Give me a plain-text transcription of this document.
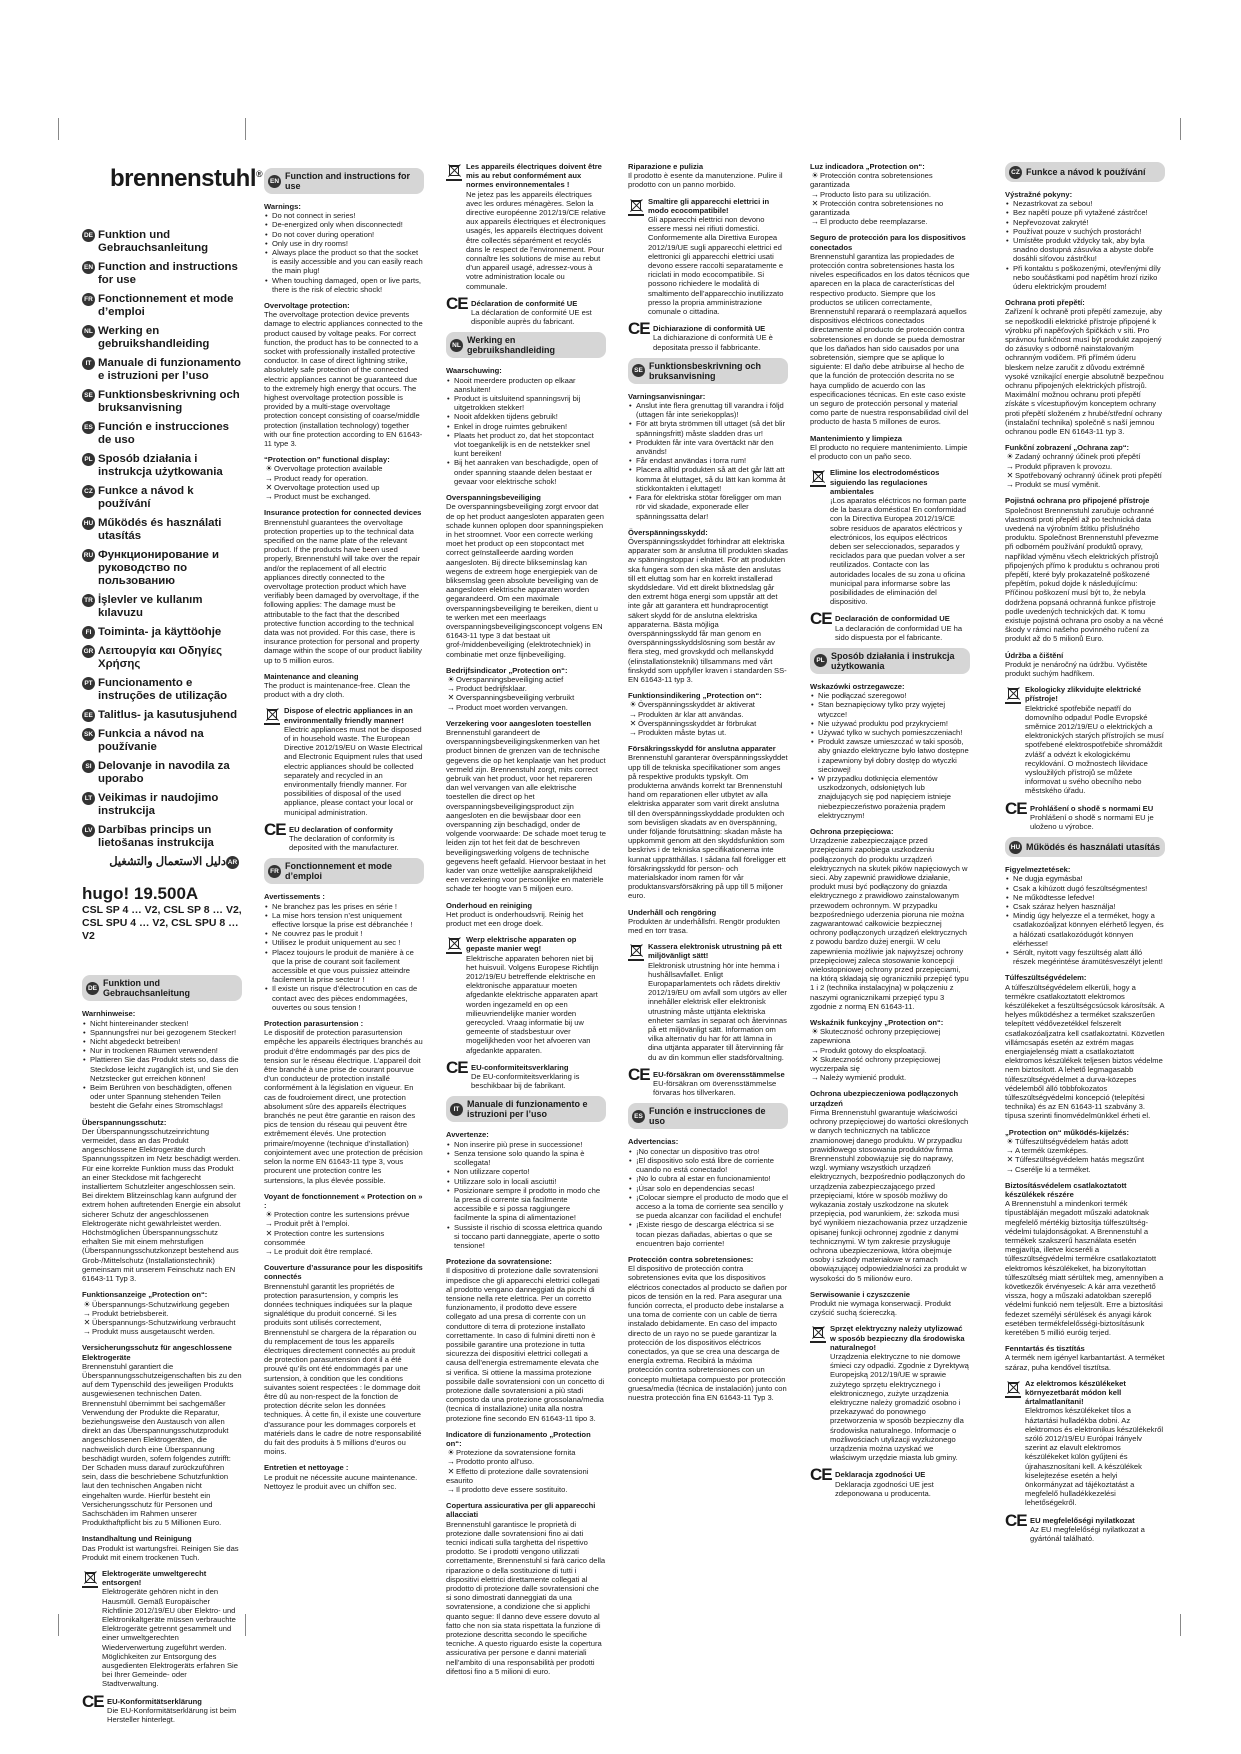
brennenstuhl®
DE Funktion und Gebrauchsanleitung
EN Function and instructions for use
FR Fonctionnement et mode d’emploi
NL Werking en gebruikshandleiding
IT Manuale di funzionamento e istruzioni per l’uso
SE Funktionsbeskrivning och bruksanvisning
ES Función e instrucciones de uso
PL Sposób działania i instrukcja użytkowania
CZ Funkce a návod k používání
HU Működés és használati utasítás
RU Функционирование и руководство по пользованию
TR İşlevler ve kullanım kılavuzu
FI Toiminta- ja käyttöohje
GR Λειτουργία και Οδηγίες Χρήσης
PT Funcionamento e instruções de utilização
EE Talitlus- ja kasutusjuhend
SK Funkcia a návod na používanie
SI Delovanje in navodila za uporabo
LT Veikimas ir naudojimo instrukcija
LV Darbības princips un lietošanas instrukcija
AR
دليل الاستعمال والتشغيل
hugo! 19.500A
CSL SP 4 … V2, CSL SP 8 … V2,
CSL SPU 4 … V2, CSL SPU 8 … V2
DE Funktion und Gebrauchsanleitung
Warnhinweise:
• Nicht hintereinander stecken!
• Spannungsfrei nur bei gezogenem Stecker!
• Nicht abgedeckt betreiben!
• Nur in trockenen Räumen verwenden!
• Plattieren Sie das Produkt stets so, dass die Steckdose leicht zugänglich ist, und Sie den Netzstecker gut erreichen können!
• Beim Berühren von beschädigten, offenen oder unter Spannung stehenden Teilen besteht die Gefahr eines Stromschlags!
Überspannungsschutz:

Der Überspannungsschutzeinrichtung vermeidet, dass an das Produkt angeschlossene Elektrogeräte durch Spannungsspitzen im Netz beschädigt werden. Für eine korrekte Funktion muss das Produkt an einer Steckdose mit fachgerecht installiertem Schutzleiter angeschlossen sein. Bei direktem Blitzeinschlag kann aufgrund der extrem hohen auftretenden Energie ein absolut sicherer Schutz der angeschlossenen Elektrogeräte nicht gewährleistet werden. Höchstmöglichen Überspannungsschutz erhalten Sie mit einem mehrstufigen (Überspannungsschutzkonzept bestehend aus Grob-/Mittelschutz (Installationstechnik) gemeinsam mit unserem Feinschutz nach EN 61643-11 Typ 3.

Funktionsanzeige „Protection on“:
☀Überspannungs-Schutzwirkung gegeben
→Produkt betriebsbereit.
✕ Überspannungs-Schutzwirkung verbraucht
→Produkt muss ausgetauscht werden.
Versicherungsschutz für angeschlossene Elektrogeräte

Brennenstuhl garantiert die Überspannungsschutzeigenschaften bis zu den auf dem Typenschild des jeweiligen Produkts ausgewiesenen technischen Daten. Brennenstuhl übernimmt bei sachgemäßer Verwendung der Produkte die Reparatur, beziehungsweise den Austausch von allen direkt an das Überspannungsschutzprodukt angeschlossenen Elektrogeräten, die nachweislich durch eine Überspannung beschädigt wurden, sofern folgendes zutrifft: Der Schaden muss darauf zurückzuführen sein, dass die beschriebene Schutzfunktion laut den technischen Angaben nicht eingehalten wurde. Hierfür besteht ein Versicherungsschutz für Personen und Sachschäden im Rahmen unserer Produkthaftpflicht bis zu 5 Millionen Euro.

Instandhaltung und Reinigung

Das Produkt ist wartungsfrei. Reinigen Sie das Produkt mit einem trockenen Tuch.

Elektrogeräte umweltgerecht entsorgen!

Elektrogeräte gehören nicht in den Hausmüll. Gemäß Europäischer Richtlinie 2012/19/EU über Elektro- und Elektronikaltgeräte müssen verbrauchte Elektrogeräte getrennt gesammelt und einer umweltgerechten Wiederverwertung zugeführt werden. Möglichkeiten zur Entsorgung des ausgedienten Elektrogeräts erfahren Sie bei Ihrer Gemeinde- oder Stadtverwaltung.

CE EU-Konformitätserklärung
Die EU-Konformitätserklärung ist beim Hersteller hinterlegt.
EN Function and instructions for use
Warnings:
• Do not connect in series!
• De-energized only when disconnected!
• Do not cover during operation!
• Only use in dry rooms!
• Always place the product so that the socket is easily accessible and you can easily reach the main plug!
• When touching damaged, open or live parts, there is the risk of electric shock!
Overvoltage protection:

The overvoltage protection device prevents damage to electric appliances connected to the product caused by voltage peaks. For correct function, the product has to be connected to a socket with professionally installed protective conductor. In case of direct lightning strike, absolutely safe protection of the connected electric appliances cannot be guaranteed due to the extremely high energy that occurs. The highest overvoltage protection possible is provided by a multi-stage overvoltage protection concept consisting of coarse/middle protection (installation technology) together with our fine protection according to EN 61643-11 type 3.

“Protection on” functional display:
☀Overvoltage protection available
→Product ready for operation.
✕ Overvoltage protection used up
→Product must be exchanged.
Insurance protection for connected devices

Brennenstuhl guarantees the overvoltage protection properties up to the technical data specified on the name plate of the relevant product. If the products have been used properly, Brennenstuhl will take over the repair and/or the replacement of all electric appliances directly connected to the overvoltage protection product which have verifiably been damaged by overvoltage, if the following applies: The damage must be attributable to the fact that the described protective function according to the technical data was not provided. For this case, there is insurance protection for personal and property damage within the scope of our product liability up to 5 million euros.

Maintenance and cleaning

The product is maintenance-free. Clean the product with a dry cloth.

Dispose of electric appliances in an environmentally friendly manner!

Electric appliances must not be disposed of in household waste. The European Directive 2012/19/EU on Waste Electrical and Electronic Equipment rules that used electric appliances should be collected separately and recycled in an environmentally friendly manner. For possibilities of disposal of the used appliance, please contact your local or municipal administration.

CE EU declaration of conformity
The declaration of conformity is deposited with the manufacturer.
FR Fonctionnement et mode d’emploi
Avertissements :
• Ne branchez pas les prises en série !
• La mise hors tension n’est uniquement effective lorsque la prise est débranchée !
• Ne couvrez pas le produit !
• Utilisez le produit uniquement au sec !
• Placez toujours le produit de manière à ce que la prise de courant soit facilement accessible et que vous puissiez atteindre facilement la prise secteur !
• Il existe un risque d’électrocution en cas de contact avec des pièces endommagées, ouvertes ou sous tension !
Protection parasurtension :

Le dispositif de protection parasurtension empêche les appareils électriques branchés au produit d’être endommagés par des pics de tension sur le réseau électrique. L’appareil doit être branché à une prise de courant pourvue d’un conducteur de protection installé conformément à la législation en vigueur. En cas de foudroiement direct, une protection absolument sûre des appareils électriques branchés ne peut être garantie en raison des pics de tension du réseau qui peuvent être extrêmement élevés. Une protection primaire/moyenne (technique d’installation) conjointement avec une protection de précision selon la norme EN 61643-11 type 3, vous procurent une protection contre les surtensions, la plus élevée possible.

Voyant de fonctionnement « Protection on » :
☀Protection contre les surtensions prévue
→Produit prêt à l’emploi.
✕ Protection contre les surtensions consommée
→Le produit doit être remplacé.
Couverture d’assurance pour les dispositifs connectés

Brennenstuhl garantit les propriétés de protection parasurtension, y compris les données techniques indiquées sur la plaque signalétique du produit concerné. Si les produits sont utilisés correctement, Brennenstuhl se chargera de la réparation ou du remplacement de tous les appareils électriques directement connectés au produit de protection parasurtension dont il a été prouvé qu’ils ont été endommagés par une surtension, à condition que les conditions suivantes soient respectées : le dommage doit être dû au non-respect de la fonction de protection décrite selon les données techniques. À cette fin, il existe une couverture d’assurance pour les dommages corporels et matériels dans le cadre de notre responsabilité du fait des produits à 5 millions d’euros ou moins.

Entretien et nettoyage :

Le produit ne nécessite aucune maintenance. Nettoyez le produit avec un chiffon sec.

Les appareils électriques doivent être mis au rebut conformément aux normes environnementales !

Ne jetez pas les appareils électriques avec les ordures ménagères. Selon la directive européenne 2012/19/CE relative aux appareils électriques et électroniques usagés, les appareils électriques doivent être collectés séparément et recyclés dans le respect de l’environnement. Pour connaître les solutions de mise au rebut d’un appareil usagé, adressez-vous à votre administration locale ou communale.

CE Déclaration de conformité UE
La déclaration de conformité UE est disponible auprès du fabricant.
NL Werking en gebruikshandleiding
Waarschuwing:
• Nooit meerdere producten op elkaar aansluiten!
• Product is uitsluitend spanningsvrij bij uitgetrokken stekker!
• Nooit afdekken tijdens gebruik!
• Enkel in droge ruimtes gebruiken!
• Plaats het product zo, dat het stopcontact vlot toegankelijk is en de netstekker snel kunt bereiken!
• Bij het aanraken van beschadigde, open of onder spanning staande delen bestaat er gevaar voor elektrische schok!
Overspanningsbeveiliging

De overspanningsbeveiliging zorgt ervoor dat de op het product aangesloten apparaten geen schade kunnen oplopen door spanningspieken in het stroomnet. Voor een correcte werking moet het product op een stopcontact met correct geïnstalleerde aarding worden aangesloten. Bij directe blikseminslag kan wegens de extreem hoge energiepiek van de bliksemslag geen absolute beveiliging van de aangesloten elektrische apparaten worden gegarandeerd. Om een maximale overspanningsbeveiliging te bereiken, dient u te werken met een meerlaags overspanningsbeveiligingsconcept volgens EN 61643-11 type 3 dat bestaat uit grof-/middenbeveiliging (elektrotechniek) in combinatie met onze fijnbeveiliging.

Bedrijfsindicator „Protection on“:
☀Overspanningsbeveiliging actief
→Product bedrijfsklaar.
✕ Overspanningsbeveiliging verbruikt
→Product moet worden vervangen.
Verzekering voor aangesloten toestellen

Brennenstuhl garandeert de overspanningsbeveiligingskenmerken van het product binnen de grenzen van de technische gegevens die op het kenplaatje van het product vermeld zijn. Brennenstuhl zorgt, mits correct gebruik van het product, voor het repareren dan wel vervangen van alle elektrische toestellen die direct op het overspanningsbeveiligingsproduct zijn aangesloten en die bewijsbaar door een overspanning zijn beschadigd, onder de volgende voorwaarde: De schade moet terug te leiden zijn tot het feit dat de beschreven beveiligingswerking volgens de technische gegevens heeft gefaald. Hiervoor bestaat in het kader van onze wettelijke aansprakelijkheid een verzekering voor persoonlijke en materiële schade ter hoogte van 5 miljoen euro.

Onderhoud en reiniging

Het product is onderhoudsvrij. Reinig het product met een droge doek.

Werp elektrische apparaten op gepaste manier weg!

Elektrische apparaten behoren niet bij het huisvuil. Volgens Europese Richtlijn 2012/19/EU betreffende elektrische en elektronische apparatuur moeten afgedankte elektrische apparaten apart worden ingezameld en op een milieuvriendelijke manier worden gerecycled. Vraag informatie bij uw gemeente of stadsbestuur over mogelijkheden voor het afvoeren van afgedankte apparaten.

CE EU-conformiteitsverklaring
De EU-conformiteitsverklaring is beschikbaar bij de fabrikant.
IT Manuale di funzionamento e istruzioni per l’uso
Avvertenze:
• Non inserire più prese in successione!
• Senza tensione solo quando la spina è scollegata!
• Non utilizzare coperto!
• Utilizzare solo in locali asciutti!
• Posizionare sempre il prodotto in modo che la presa di corrente sia facilmente accessibile e si possa raggiungere facilmente la spina di alimentazione!
• Sussiste il rischio di scossa elettrica quando si toccano parti danneggiate, aperte o sotto tensione!
Protezione da sovratensione:

Il dispositivo di protezione dalle sovratensioni impedisce che gli apparecchi elettrici collegati al prodotto vengano danneggiati da picchi di tensione nella rete elettrica. Per un corretto funzionamento, il prodotto deve essere collegato ad una presa di corrente con un conduttore di terra di protezione installato correttamente. In caso di fulmini diretti non è possibile garantire una protezione in tutta sicurezza dei dispositivi elettrici collegati a causa dell’energia estremamente elevata che si verifica. Si ottiene la massima protezione possibile dalle sovratensioni con un concetto di protezione dalle sovratensioni a più stadi composto da una protezione grossolana/media (tecnica di installazione) unita alla nostra protezione fine secondo EN 61643-11 tipo 3.

Indicatore di funzionamento „Protection on“:
☀Protezione da sovratensione fornita
→Prodotto pronto all’uso.
✕ Effetto di protezione dalle sovratensioni esaurito
→Il prodotto deve essere sostituito.
Copertura assicurativa per gli apparecchi allacciati

Brennenstuhl garantisce le proprietà di protezione dalle sovratensioni fino ai dati tecnici indicati sulla targhetta del rispettivo prodotto. Se i prodotti vengono utilizzati correttamente, Brennenstuhl si farà carico della riparazione o della sostituzione di tutti i dispositivi elettrici direttamente collegati al prodotto di protezione dalle sovratensioni che si sono dimostrati danneggiati da una sovratensione, a condizione che si applichi quanto segue: Il danno deve essere dovuto al fatto che non sia stata rispettata la funzione di protezione descritta secondo le specifiche tecniche. A questo riguardo esiste la copertura assicurativa per persone e danni materiali nell’ambito di una responsabilità per prodotti difettosi fino a 5 milioni di euro.

Riparazione e pulizia

Il prodotto è esente da manutenzione. Pulire il prodotto con un panno morbido.

Smaltire gli apparecchi elettrici in modo ecocompatibile!

Gli apparecchi elettrici non devono essere messi nei rifiuti domestici. Conformemente alla Direttiva Europea 2012/19/UE sugli apparecchi elettrici ed elettronici gli apparecchi elettrici usati devono essere raccolti separatamente e riciclati in modo ecocompatibile. Si possono richiedere le modalità di smaltimento dell’apparecchio inutilizzato presso la propria amministrazione comunale o cittadina.

CE Dichiarazione di conformità UE
La dichiarazione di conformità UE è depositata presso il fabbricante.
SE Funktionsbeskrivning och bruksanvisning
Varningsanvisningar:
• Anslut inte flera grenuttag till varandra i följd (uttagen får inte seriekopplas)!
• För att bryta strömmen till uttaget (så det blir spänningsfritt) måste sladden dras ur!
• Produkten får inte vara övertäckt när den används!
• Får endast användas i torra rum!
• Placera alltid produkten så att det går lätt att komma åt eluttaget, så du lätt kan komma åt stickkontakten i eluttaget!
• Fara för elektriska stötar föreligger om man rör vid skadade, exponerade eller spänningssatta delar!
Överspänningsskydd:

Överspänningsskyddet förhindrar att elektriska apparater som är anslutna till produkten skadas av spänningstoppar i elnätet. För att produkten ska fungera som den ska måste den anslutas till ett eluttag som har en korrekt installerad skyddsledare. Vid ett direkt blixtnedslag går den extremt höga energi som uppstår att det inte går att garantera ett hundraprocentigt säkert skydd för de anslutna elektriska apparaterna. Bästa möjliga överspänningsskydd får man genom en överspänningsskyddslösning som består av flera steg, med grovskydd och mellanskydd (elinstallationsteknik) tillsammans med vårt finskydd som uppfyller kraven i standarden SS-EN 61643-11 typ 3.

Funktionsindikering „Protection on“:
☀Överspänningsskyddet är aktiverat
→Produkten är klar att användas.
✕ Överspänningsskyddet är förbrukat
→Produkten måste bytas ut.
Försäkringsskydd för anslutna apparater

Brennenstuhl garanterar överspänningsskyddet upp till de tekniska specifikationer som anges på respektive produkts typskylt. Om produkterna används korrekt tar Brennenstuhl hand om reparationen eller utbytet av alla elektriska apparater som varit direkt anslutna till den överspänningsskyddade produkten och som bevisligen skadats av en överspänning, under följande förutsättning: skadan måste ha uppkommit genom att den skyddsfunktion som beskrivs i de tekniska specifikationerna inte kunnat upprätthållas. I sådana fall föreligger ett försäkringsskydd för person- och materialskador inom ramen för vår produktansvarsförsäkring på upp till 5 miljoner euro.

Underhåll och rengöring

Produkten är underhållsfri. Rengör produkten med en torr trasa.

Kassera elektronisk utrustning på ett miljövänligt sätt!

Elektronisk utrustning hör inte hemma i hushållsavfallet. Enligt Europaparlamentets och rådets direktiv 2012/19/EU om avfall som utgörs av eller innehåller elektrisk eller elektronisk utrustning måste uttjänta elektriska enheter samlas in separat och återvinnas på ett miljövänligt sätt. Information om vilka alternativ du har för att lämna in dina uttjänta apparater till återvinning får du av din kommun eller stadsförvaltning.

CE EU-försäkran om överensstämmelse
EU-försäkran om överensstämmelse förvaras hos tillverkaren.
ES Función e instrucciones de uso
Advertencias:
• ¡No conectar un dispositivo tras otro!
• ¡El dispositivo solo está libre de corriente cuando no está conectado!
• ¡No lo cubra al estar en funcionamiento!
• ¡Úsar solo en dependencias secas!
• ¡Colocar siempre el producto de modo que el acceso a la toma de corriente sea sencillo y se pueda alcanzar con facilidad el enchufe!
• ¡Existe riesgo de descarga eléctrica si se tocan piezas dañadas, abiertas o que se encuentren bajo corriente!
Protección contra sobretensiones:

El dispositivo de protección contra sobretensiones evita que los dispositivos eléctricos conectados al producto se dañen por picos de tensión en la red. Para asegurar una función correcta, el producto debe instalarse a una toma de corriente con un cable de tierra instalado debidamente. En caso del impacto directo de un rayo no se puede garantizar la protección de los dispositivos eléctricos conectados, ya que se crea una descarga de energía extrema. Recibirá la máxima protección contra sobretensiones con un concepto multietapa compuesto por protección gruesa/media (técnica de instalación) junto con nuestra protección fina EN 61643-11 Typ 3.

Luz indicadora „Protection on“:
☀Protección contra sobretensiones garantizada
→Producto listo para su utilización.
✕ Protección contra sobretensiones no garantizada
→El producto debe reemplazarse.
Seguro de protección para los dispositivos conectados

Brennenstuhl garantiza las propiedades de protección contra sobretensiones hasta los niveles especificados en los datos técnicos que aparecen en la placa de características del respectivo producto. Siempre que los productos se utilicen correctamente, Brennenstuhl reparará o reemplazará aquellos dispositivos eléctricos conectados directamente al producto de protección contra sobretensiones en donde se pueda demostrar que los dañados han sido causados por una sobretensión, siempre que se aplique lo siguiente: El daño debe atribuirse al hecho de que la función de protección descrita no se haya cumplido de acuerdo con las especificaciones técnicas. En este caso existe un seguro de protección personal y material como parte de nuestra responsabilidad civil del producto de hasta 5 millones de euros.

Mantenimiento y limpieza

El producto no requiere mantenimiento. Limpie el producto con un paño seco.

Elimine los electrodomésticos siguiendo las regulaciones ambientales

¡Los aparatos eléctricos no forman parte de la basura doméstica! En conformidad con la Directiva Europea 2012/19/CE sobre residuos de aparatos eléctricos y electrónicos, los equipos eléctricos deben ser seleccionados, separados y reciclados para que puedan volver a ser reutilizados. Contacte con las autoridades locales de su zona u oficina municipal para informarse sobre las posibilidades de eliminación del dispositivo.

CE Declaración de conformidad UE
La declaración de conformidad UE ha sido dispuesta por el fabricante.
PL Sposób działania i instrukcja użytkowania
Wskazówki ostrzegawcze:
• Nie podłączać szeregowo!
• Stan beznapięciowy tylko przy wyjętej wtyczce!
• Nie używać produktu pod przykryciem!
• Używać tylko w suchych pomieszczeniach!
• Produkt zawsze umieszczać w taki sposób, aby gniazdo elektryczne było łatwo dostępne i zapewniony był dobry dostęp do wtyczki sieciowej!
• W przypadku dotknięcia elementów uszkodzonych, odsłoniętych lub znajdujących się pod napięciem istnieje niebezpieczeństwo porażenia prądem elektrycznym!
Ochrona przepięciowa:

Urządzenie zabezpieczające przed przepięciami zapobiega uszkodzeniu podłączonych do produktu urządzeń elektrycznych na skutek pików napięciowych w sieci. Aby zapewnić prawidłowe działanie, produkt musi być podłączony do gniazda elektrycznego z prawidłowo zainstalowanym przewodem ochronnym. W przypadku bezpośredniego uderzenia pioruna nie można zagwarantować całkowicie bezpiecznej ochrony podłączonych urządzeń elektrycznych z powodu bardzo dużej energii. W celu zapewnienia możliwie jak najwyższej ochrony przepięciowej zaleca stosowanie koncepcji wielostopniowej ochrony przed przepięciami, na którą składają się ograniczniki przepięć typu 1 i 2 (technika instalacyjna) w połączeniu z naszymi ogranicznikami przepięć typu 3 zgodnie z normą EN 61643-11.

Wskaźnik funkcyjny „Protection on“:
☀Skuteczność ochrony przepięciowej zapewniona
→Produkt gotowy do eksploatacji.
✕ Skuteczność ochrony przepięciowej wyczerpała się
→Należy wymienić produkt.
Ochrona ubezpieczeniowa podłączonych urządzeń

Firma Brennenstuhl gwarantuje właściwości ochrony przepięciowej do wartości określonych w danych technicznych na tabliczce znamionowej danego produktu. W przypadku prawidłowego stosowania produktów firma Brennenstuhl zobowiązuje się do naprawy, wzgl. wymiany wszystkich urządzeń elektrycznych, bezpośrednio podłączonych do urządzenia zabezpieczającego przed przepięciami, które w sposób możliwy do wykazania zostały uszkodzone na skutek przepięcia, pod warunkiem, że: szkoda musi być wynikiem niezachowania przez urządzenie opisanej funkcji ochronnej zgodnie z danymi technicznymi. W tym zakresie przysługuje ochrona ubezpieczeniowa, która obejmuje osoby i szkody materiałowe w ramach obowiązującej odpowiedzialności za produkt w wysokości do 5 milionów euro.

Serwisowanie i czyszczenie

Produkt nie wymaga konserwacji. Produkt czyścić suchą ściereczką.

Sprzęt elektryczny należy utylizować w sposób bezpieczny dla środowiska naturalnego!

Urządzenia elektryczne to nie domowe śmieci czy odpadki. Zgodnie z Dyrektywą Europejską 2012/19/UE w sprawie zużytego sprzętu elektrycznego i elektronicznego, zużyte urządzenia elektryczne należy gromadzić osobno i przekazywać do ponownego przetworzenia w sposób bezpieczny dla środowiska naturalnego. Informacje o możliwościach utylizacji wyzłużonego urządzenia można uzyskać we właściwym urzędzie miasta lub gminy.

CE Deklaracja zgodności UE
Deklaracja zgodności UE jest zdeponowana u producenta.
CZ Funkce a návod k používání
Výstražné pokyny:
• Nezastrkovat za sebou!
• Bez napětí pouze při vytažené zástrčce!
• Nepřevozovat zakryté!
• Používat pouze v suchých prostorách!
• Umístěte produkt vždycky tak, aby byla snadno dostupná zásuvka a abyste dobře dosáhli síťovou zástrčku!
• Při kontaktu s poškozenými, otevřenými díly nebo součástkami pod napětím hrozí riziko úderu elektrickým proudem!
Ochrana proti přepětí:

Zařízení k ochraně proti přepětí zamezuje, aby se nepoškodili elektrické přístroje připojené k výrobku při napěťových špičkách v síti. Pro správnou funkčnost musí být produkt zapojený do zásuvky s odborně nainstalovaným ochranným vodičem. Při přímém úderu bleskem nelze zaručit z důvodu extrémně vysoké vznikající energie absolutně bezpečnou ochranu připojených elektrických přístrojů. Maximální možnou ochranu proti přepětí získáte s vícestupňovým konceptem ochrany proti přepětí složeném z hrubé/střední ochrany (instalační technika) společně s naší jemnou ochranou podle EN 61643-11 typ 3.

Funkční zobrazení „Ochrana zap“:
☀Zadaný ochranný účinek proti přepětí
→Produkt připraven k provozu.
✕ Spotřebovaný ochranný účinek proti přepětí
→Produkt se musí vyměnit.
Pojistná ochrana pro připojené přístroje

Společnost Brennenstuhl zaručuje ochranné vlastnosti proti přepětí až po technická data uvedená na výrobním štítku příslušného produktu. Společnost Brennenstuhl převezme při odborném používání produktů opravy, například výměnu všech elektrických přístrojů připojených přímo k produktu s ochranou proti přepětí, které byly prokazatelně poškozené přepětím, pokud dojde k následujícímu: Příčinou poškození musí být to, že nebyla dodržena popsaná ochranná funkce přístroje podle uvedených technických dat. K tomu existuje pojistná ochrana pro osoby a na věcné škody v rámci našeho povinného ručení za produkt až do 5 milionů Euro.

Údržba a čištění

Produkt je nenáročný na údržbu. Vyčistěte produkt suchým hadříkem.

Ekologicky zlikvidujte elektrické přístroje!

Elektrické spotřebiče nepatří do domovního odpadu! Podle Evropské směrnice 2012/19/EU o elektrických a elektronických starých přístrojích se musí spotřebené elektrospotřebiče shromáždit zvlášť a odvézt k ekologickému recyklování. O možnostech likvidace vysloužilých přístrojů se můžete informovat u svého obecního nebo městského úřadu.

CE Prohlášení o shodě s normami EU
Prohlášení o shodě s normami EU je uloženo u výrobce.
HU Működés és használati utasítás
Figyelmeztetések:
• Ne dugja egymásba!
• Csak a kihúzott dugó feszültségmentes!
• Ne működtesse lefedve!
• Csak száraz helyen használja!
• Mindig úgy helyezze el a terméket, hogy a csatlakozóaljzat könnyen elérhető legyen, és a hálózati csatlakozódugót könnyen elérhesse!
• Sérült, nyitott vagy feszültség alatt álló részek megérintése áramütésveszélyt jelent!
Túlfeszültségvédelem:

A túlfeszültségvédelem elkerüli, hogy a termékre csatlakoztatott elektromos készülékeket a feszültségcsúcsok károsítsák. A helyes működéshez a terméket szakszerűen telepített védővezetékkel felszerelt csatlakozóaljzatra kell csatlakoztatni. Közvetlen villámcsapás esetén az extrém magas energiajelenség miatt a csatlakoztatott elektromos készülékek teljesen biztos védelme nem biztosított. A lehető legmagasabb túlfeszültségvédelmet a durva-közepes védelemből álló többfokozatos túlfeszültségvédelmi koncepció (telepítési technika) és az EN 61643-11 szabvány 3. típusa szerinti finomvédelmünkkel érheti el.

„Protection on“ működés-kijelzés:
☀Túlfeszültségvédelem hatás adott
→A termék üzemképes.
✕ Túlfeszültségvédelem hatás megszűnt
→Cserélje ki a terméket.
Biztosításvédelem csatlakoztatott készülékek részére

A Brennenstuhl a mindenkori termék típustábláján megadott műszaki adatoknak megfelelő mértékig biztosítja túlfeszültség-védelmi tulajdonságokat. A Brennenstuhl a termékek szakszerű használata esetén megjavítja, illetve kicseréli a túlfeszültségvédelmi termékre csatlakoztatott elektromos készülékeket, ha bizonyítottan túlfeszültség miatt sérültek meg, amennyiben a következők érvényesek: A kár arra vezethető vissza, hogy a műszaki adatokban szereplő védelmi funkció nem teljesült. Erre a biztosítási fedezet személyi sérülések és anyagi károk esetében termékfelelősségi-biztosításunk keretében 5 millió euróig terjed.

Fenntartás és tisztítás

A termék nem igényel karbantartást. A terméket száraz, puha kendővel tisztítsa.

Az elektromos készülékeket környezetbarát módon kell ártalmatlanítani!

Elektromos készülékeket tilos a háztartási hulladékba dobni. Az elektromos és elektronikus készülékekről szóló 2012/19/EU Európai Irányelv szerint az elavult elektromos készülékeket külön gyűjteni és újrahasznosítani kell. A készülékek kiselejtezése esetén a helyi önkormányzat ad tájékoztatást a megfelelő hulladékkezelési lehetőségekről.

CE EU megfelelőségi nyilatkozat
Az EU megfelelőségi nyilatkozat a gyártónál található.
